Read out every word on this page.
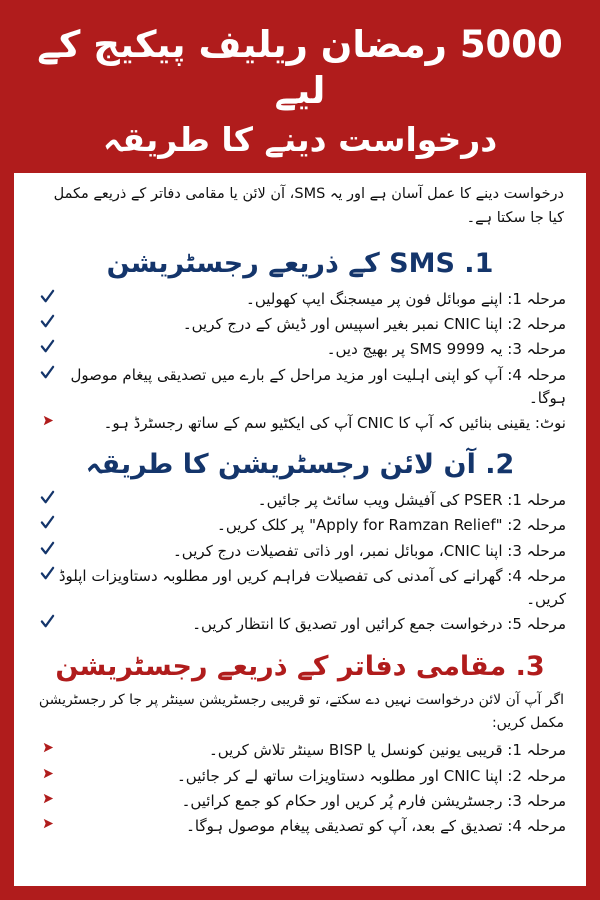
5000 رمضان ریلیف پیکیج کے لیے
درخواست دینے کا طریقہ
درخواست دینے کا عمل آسان ہے اور یہ SMS، آن لائن یا مقامی دفاتر کے ذریعے مکمل کیا جا سکتا ہے۔
1. SMS کے ذریعے رجسٹریشن
مرحلہ 1: اپنے موبائل فون پر میسجنگ ایپ کھولیں۔
مرحلہ 2: اپنا CNIC نمبر بغیر اسپیس اور ڈیش کے درج کریں۔
مرحلہ 3: یہ SMS 9999 پر بھیج دیں۔
مرحلہ 4: آپ کو اپنی اہلیت اور مزید مراحل کے بارے میں تصدیقی پیغام موصول ہوگا۔
نوٹ: یقینی بنائیں کہ آپ کا CNIC آپ کی ایکٹیو سم کے ساتھ رجسٹرڈ ہو۔
2. آن لائن رجسٹریشن کا طریقہ
مرحلہ 1: PSER کی آفیشل ویب سائٹ پر جائیں۔
مرحلہ 2: "Apply for Ramzan Relief" پر کلک کریں۔
مرحلہ 3: اپنا CNIC، موبائل نمبر، اور ذاتی تفصیلات درج کریں۔
مرحلہ 4: گھرانے کی آمدنی کی تفصیلات فراہم کریں اور مطلوبہ دستاویزات اپلوڈ کریں۔
مرحلہ 5: درخواست جمع کرائیں اور تصدیق کا انتظار کریں۔
3. مقامی دفاتر کے ذریعے رجسٹریشن
اگر آپ آن لائن درخواست نہیں دے سکتے، تو قریبی رجسٹریشن سینٹر پر جا کر رجسٹریشن مکمل کریں:
مرحلہ 1: قریبی یونین کونسل یا BISP سینٹر تلاش کریں۔
مرحلہ 2: اپنا CNIC اور مطلوبہ دستاویزات ساتھ لے کر جائیں۔
مرحلہ 3: رجسٹریشن فارم پُر کریں اور حکام کو جمع کرائیں۔
مرحلہ 4: تصدیق کے بعد، آپ کو تصدیقی پیغام موصول ہوگا۔
